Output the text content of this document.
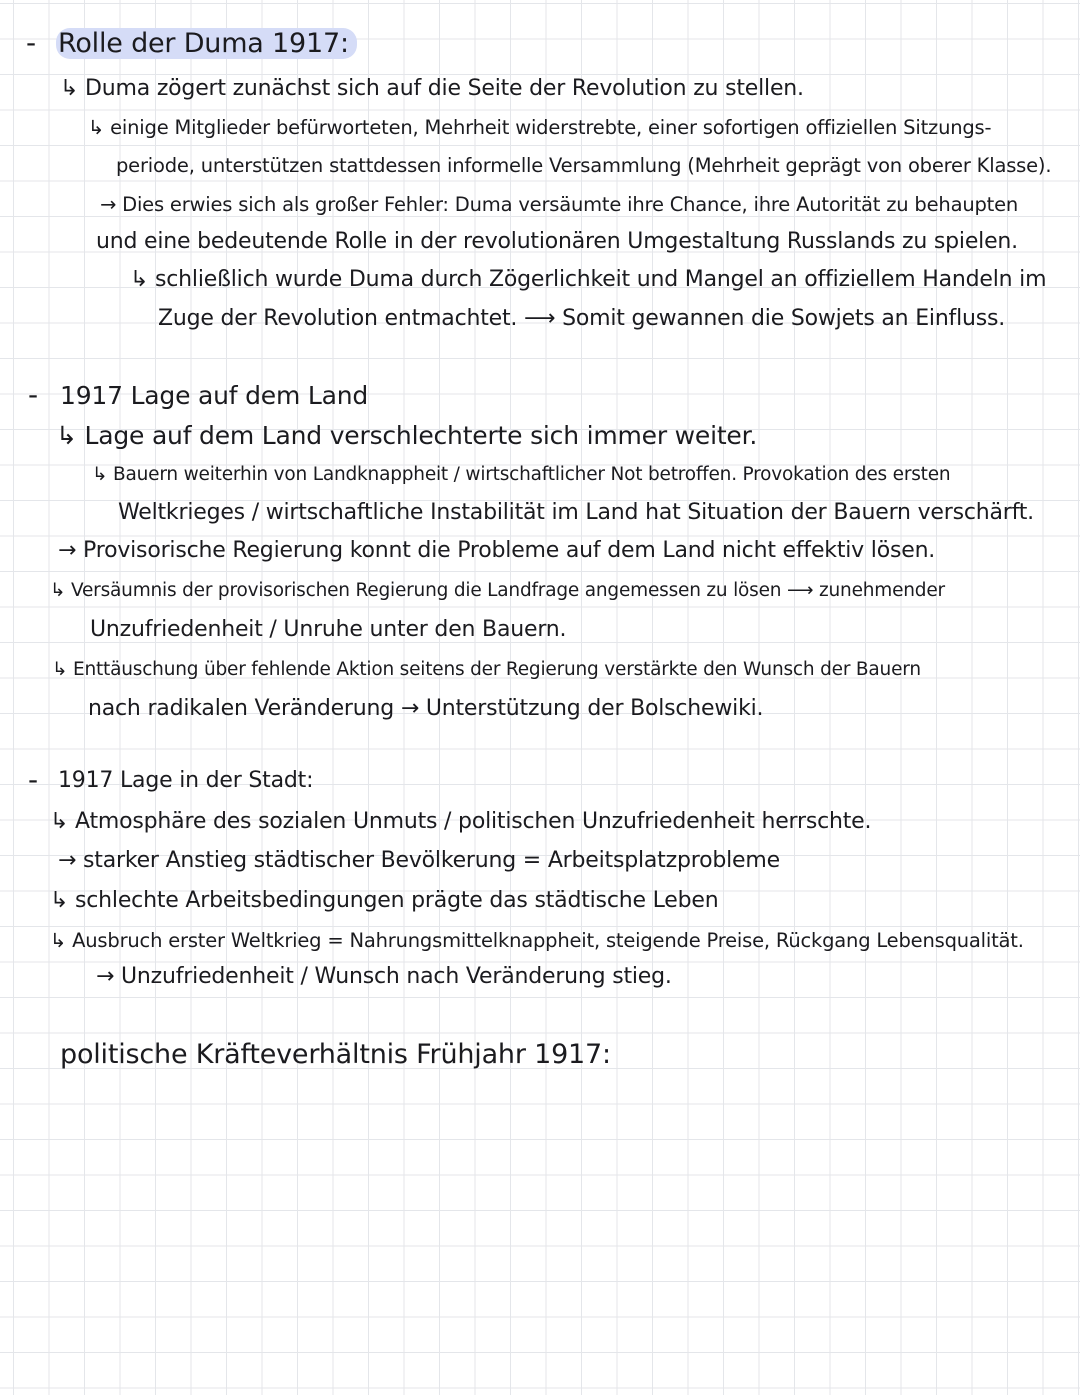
- Rolle der Duma 1917:
↳ Duma zögert zunächst sich auf die Seite der Revolution zu stellen.
↳ einige Mitglieder befürworteten, Mehrheit widerstrebte, einer sofortigen offiziellen Sitzungs-
periode, unterstützen stattdessen informelle Versammlung (Mehrheit geprägt von oberer Klasse).
→ Dies erwies sich als großer Fehler: Duma versäumte ihre Chance, ihre Autorität zu behaupten
und eine bedeutende Rolle in der revolutionären Umgestaltung Russlands zu spielen.
↳ schließlich wurde Duma durch Zögerlichkeit und Mangel an offiziellem Handeln im
Zuge der Revolution entmachtet. ⟶ Somit gewannen die Sowjets an Einfluss.
- 1917 Lage auf dem Land
↳ Lage auf dem Land verschlechterte sich immer weiter.
↳ Bauern weiterhin von Landknappheit / wirtschaftlicher Not betroffen. Provokation des ersten
Weltkrieges / wirtschaftliche Instabilität im Land hat Situation der Bauern verschärft.
→ Provisorische Regierung konnt die Probleme auf dem Land nicht effektiv lösen.
↳ Versäumnis der provisorischen Regierung die Landfrage angemessen zu lösen ⟶ zunehmender
Unzufriedenheit / Unruhe unter den Bauern.
↳ Enttäuschung über fehlende Aktion seitens der Regierung verstärkte den Wunsch der Bauern
nach radikalen Veränderung → Unterstützung der Bolschewiki.
- 1917 Lage in der Stadt:
↳ Atmosphäre des sozialen Unmuts / politischen Unzufriedenheit herrschte.
→ starker Anstieg städtischer Bevölkerung = Arbeitsplatzprobleme
↳ schlechte Arbeitsbedingungen prägte das städtische Leben
↳ Ausbruch erster Weltkrieg = Nahrungsmittelknappheit, steigende Preise, Rückgang Lebensqualität.
→ Unzufriedenheit / Wunsch nach Veränderung stieg.
politische Kräfteverhältnis Frühjahr 1917:
